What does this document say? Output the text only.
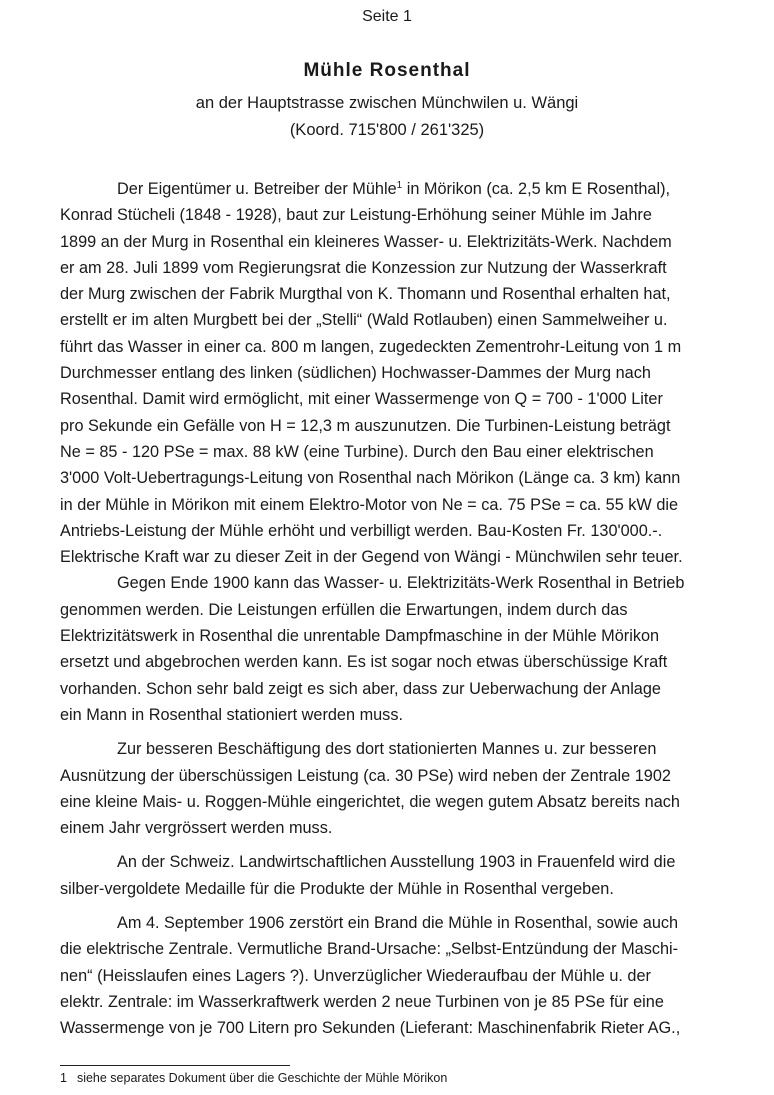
Seite 1
Mühle Rosenthal
an der Hauptstrasse zwischen Münchwilen u. Wängi
(Koord. 715'800 / 261'325)
Der Eigentümer u. Betreiber der Mühle$^1$ in Mörikon (ca. 2,5 km E Rosenthal),
Konrad Stücheli (1848 - 1928), baut zur Leistung-Erhöhung seiner Mühle im Jahre
1899 an der Murg in Rosenthal ein kleineres Wasser- u. Elektrizitäts-Werk. Nachdem
er am 28. Juli 1899 vom Regierungsrat die Konzession zur Nutzung der Wasserkraft
der Murg zwischen der Fabrik Murgthal von K. Thomann und Rosenthal erhalten hat,
erstellt er im alten Murgbett bei der „Stelli“ (Wald Rotlauben) einen Sammelweiher u.
führt das Wasser in einer ca. 800 m langen, zugedeckten Zementrohr-Leitung von 1 m
Durchmesser entlang des linken (südlichen) Hochwasser-Dammes der Murg nach
Rosenthal. Damit wird ermöglicht, mit einer Wassermenge von Q = 700 - 1'000 Liter
pro Sekunde ein Gefälle von H = 12,3 m auszunutzen. Die Turbinen-Leistung beträgt
Ne = 85 - 120 PSe = max. 88 kW (eine Turbine). Durch den Bau einer elektrischen
3'000 Volt-Uebertragungs-Leitung von Rosenthal nach Mörikon (Länge ca. 3 km) kann
in der Mühle in Mörikon mit einem Elektro-Motor von Ne = ca. 75 PSe = ca. 55 kW die
Antriebs-Leistung der Mühle erhöht und verbilligt werden. Bau-Kosten Fr. 130'000.-.
Elektrische Kraft war zu dieser Zeit in der Gegend von Wängi - Münchwilen sehr teuer.
Gegen Ende 1900 kann das Wasser- u. Elektrizitäts-Werk Rosenthal in Betrieb
genommen werden. Die Leistungen erfüllen die Erwartungen, indem durch das
Elektrizitätswerk in Rosenthal die unrentable Dampfmaschine in der Mühle Mörikon
ersetzt und abgebrochen werden kann. Es ist sogar noch etwas überschüssige Kraft
vorhanden. Schon sehr bald zeigt es sich aber, dass zur Ueberwachung der Anlage
ein Mann in Rosenthal stationiert werden muss.
Zur besseren Beschäftigung des dort stationierten Mannes u. zur besseren
Ausnützung der überschüssigen Leistung (ca. 30 PSe) wird neben der Zentrale 1902
eine kleine Mais- u. Roggen-Mühle eingerichtet, die wegen gutem Absatz bereits nach
einem Jahr vergrössert werden muss.
An der Schweiz. Landwirtschaftlichen Ausstellung 1903 in Frauenfeld wird die
silber-vergoldete Medaille für die Produkte der Mühle in Rosenthal vergeben.
Am 4. September 1906 zerstört ein Brand die Mühle in Rosenthal, sowie auch
die elektrische Zentrale. Vermutliche Brand-Ursache: „Selbst-Entzündung der Maschi-
nen“ (Heisslaufen eines Lagers ?). Unverzüglicher Wiederaufbau der Mühle u. der
elektr. Zentrale: im Wasserkraftwerk werden 2 neue Turbinen von je 85 PSe für eine
Wassermenge von je 700 Litern pro Sekunden (Lieferant: Maschinenfabrik Rieter AG.,
1 siehe separates Dokument über die Geschichte der Mühle Mörikon
